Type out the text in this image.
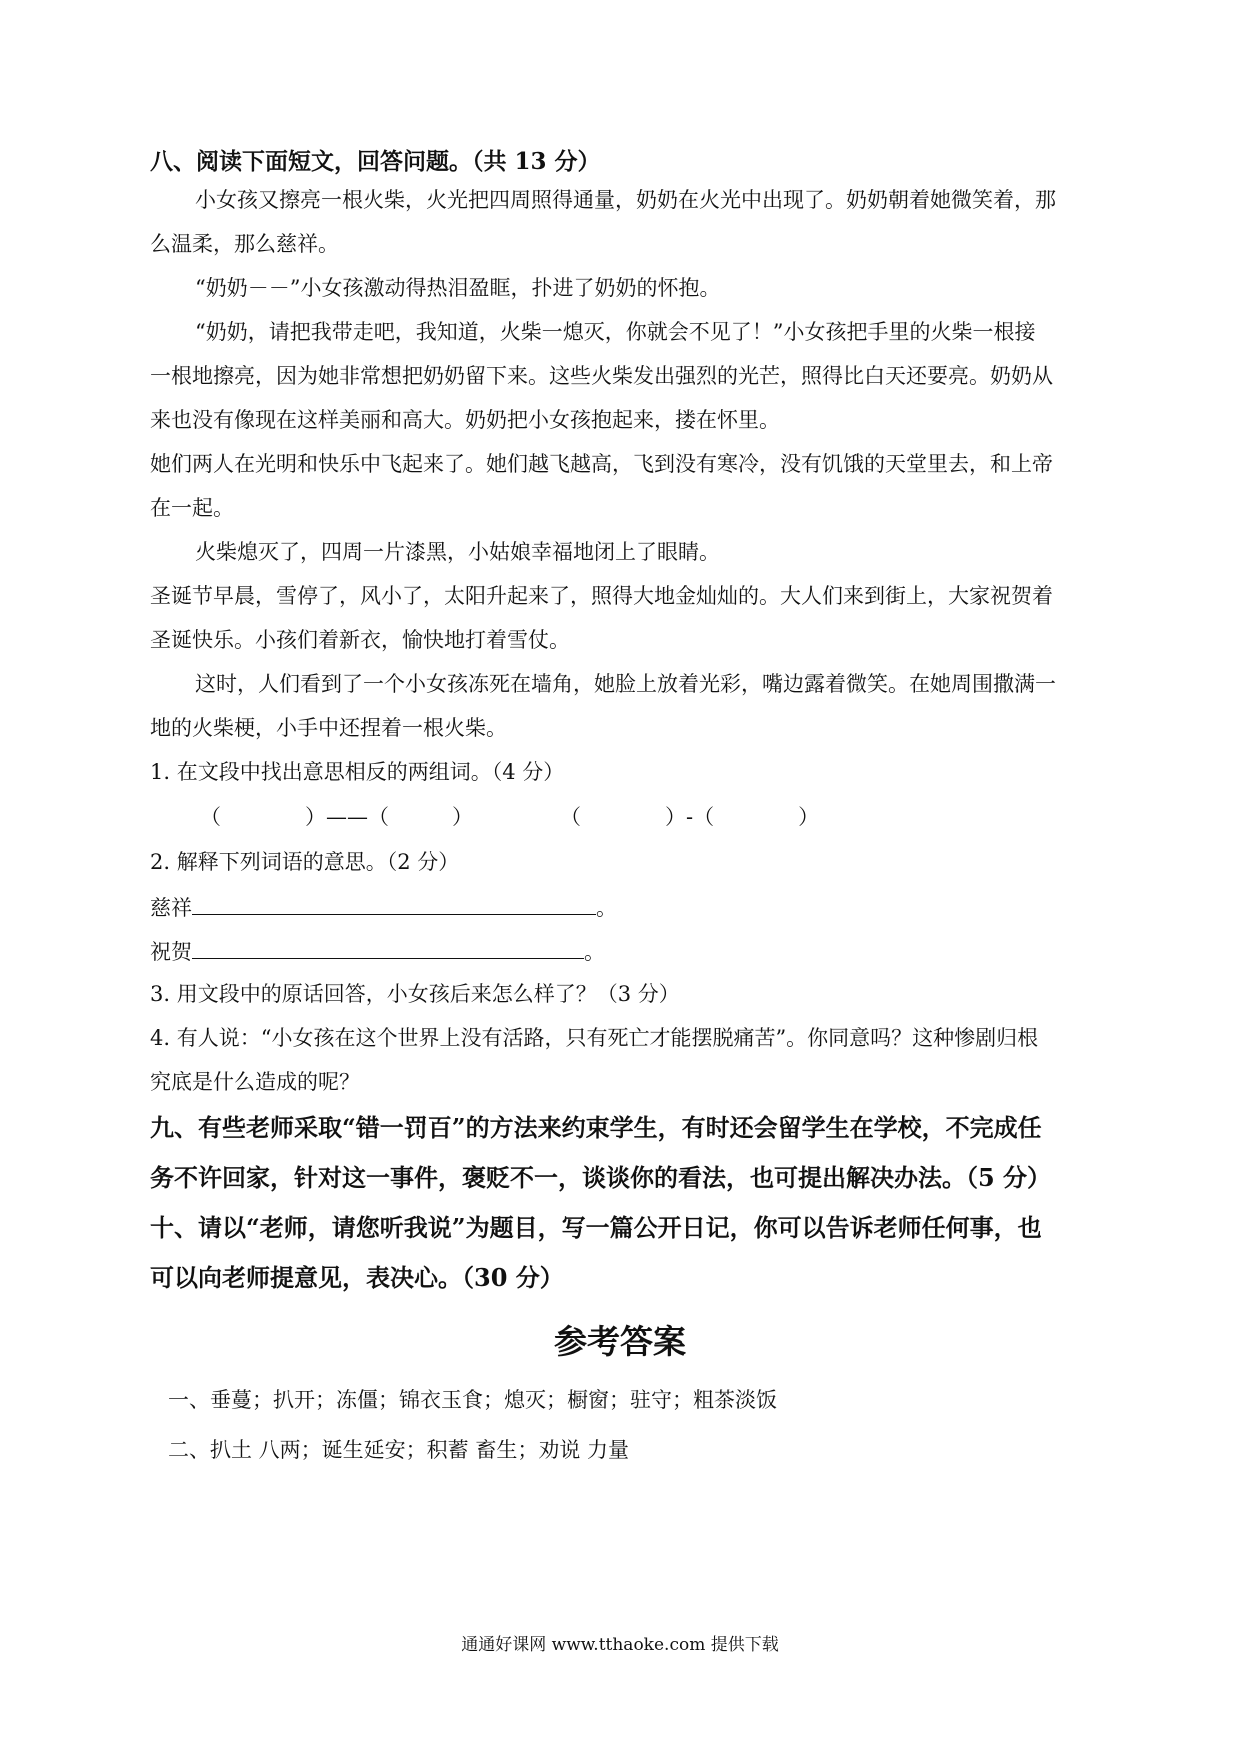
八、阅读下面短文，回答问题。（共 13 分）
小女孩又擦亮一根火柴，火光把四周照得通量，奶奶在火光中出现了。奶奶朝着她微笑着，那
么温柔，那么慈祥。
“奶奶－－”小女孩激动得热泪盈眶，扑进了奶奶的怀抱。
“奶奶，请把我带走吧，我知道，火柴一熄灭，你就会不见了！”小女孩把手里的火柴一根接
一根地擦亮，因为她非常想把奶奶留下来。这些火柴发出强烈的光芒，照得比白天还要亮。奶奶从
来也没有像现在这样美丽和高大。奶奶把小女孩抱起来，搂在怀里。
她们两人在光明和快乐中飞起来了。她们越飞越高，飞到没有寒冷，没有饥饿的天堂里去，和上帝
在一起。
火柴熄灭了，四周一片漆黑，小姑娘幸福地闭上了眼睛。
圣诞节早晨，雪停了，风小了，太阳升起来了，照得大地金灿灿的。大人们来到街上，大家祝贺着
圣诞快乐。小孩们着新衣，愉快地打着雪仗。
这时，人们看到了一个小女孩冻死在墙角，她脸上放着光彩，嘴边露着微笑。在她周围撒满一
地的火柴梗，小手中还捏着一根火柴。
1. 在文段中找出意思相反的两组词。（4 分）
（　　　　）——（　　　）	（　　　　）-（　　　　）
2. 解释下列词语的意思。（2 分）
慈祥	。
祝贺	。
3. 用文段中的原话回答，小女孩后来怎么样了？（3 分）
4. 有人说：“小女孩在这个世界上没有活路，只有死亡才能摆脱痛苦”。你同意吗？这种惨剧归根
究底是什么造成的呢？
九、有些老师采取“错一罚百”的方法来约束学生，有时还会留学生在学校，不完成任
务不许回家，针对这一事件，褒贬不一，谈谈你的看法，也可提出解决办法。（5 分）
十、请以“老师，请您听我说”为题目，写一篇公开日记，你可以告诉老师任何事，也
可以向老师提意见，表决心。（30 分）
参考答案
一、垂蔓；扒开；冻僵；锦衣玉食；熄灭；橱窗；驻守；粗茶淡饭
二、扒土 八两；诞生延安；积蓄 畜生；劝说 力量
通通好课网 www.tthaoke.com 提供下载
